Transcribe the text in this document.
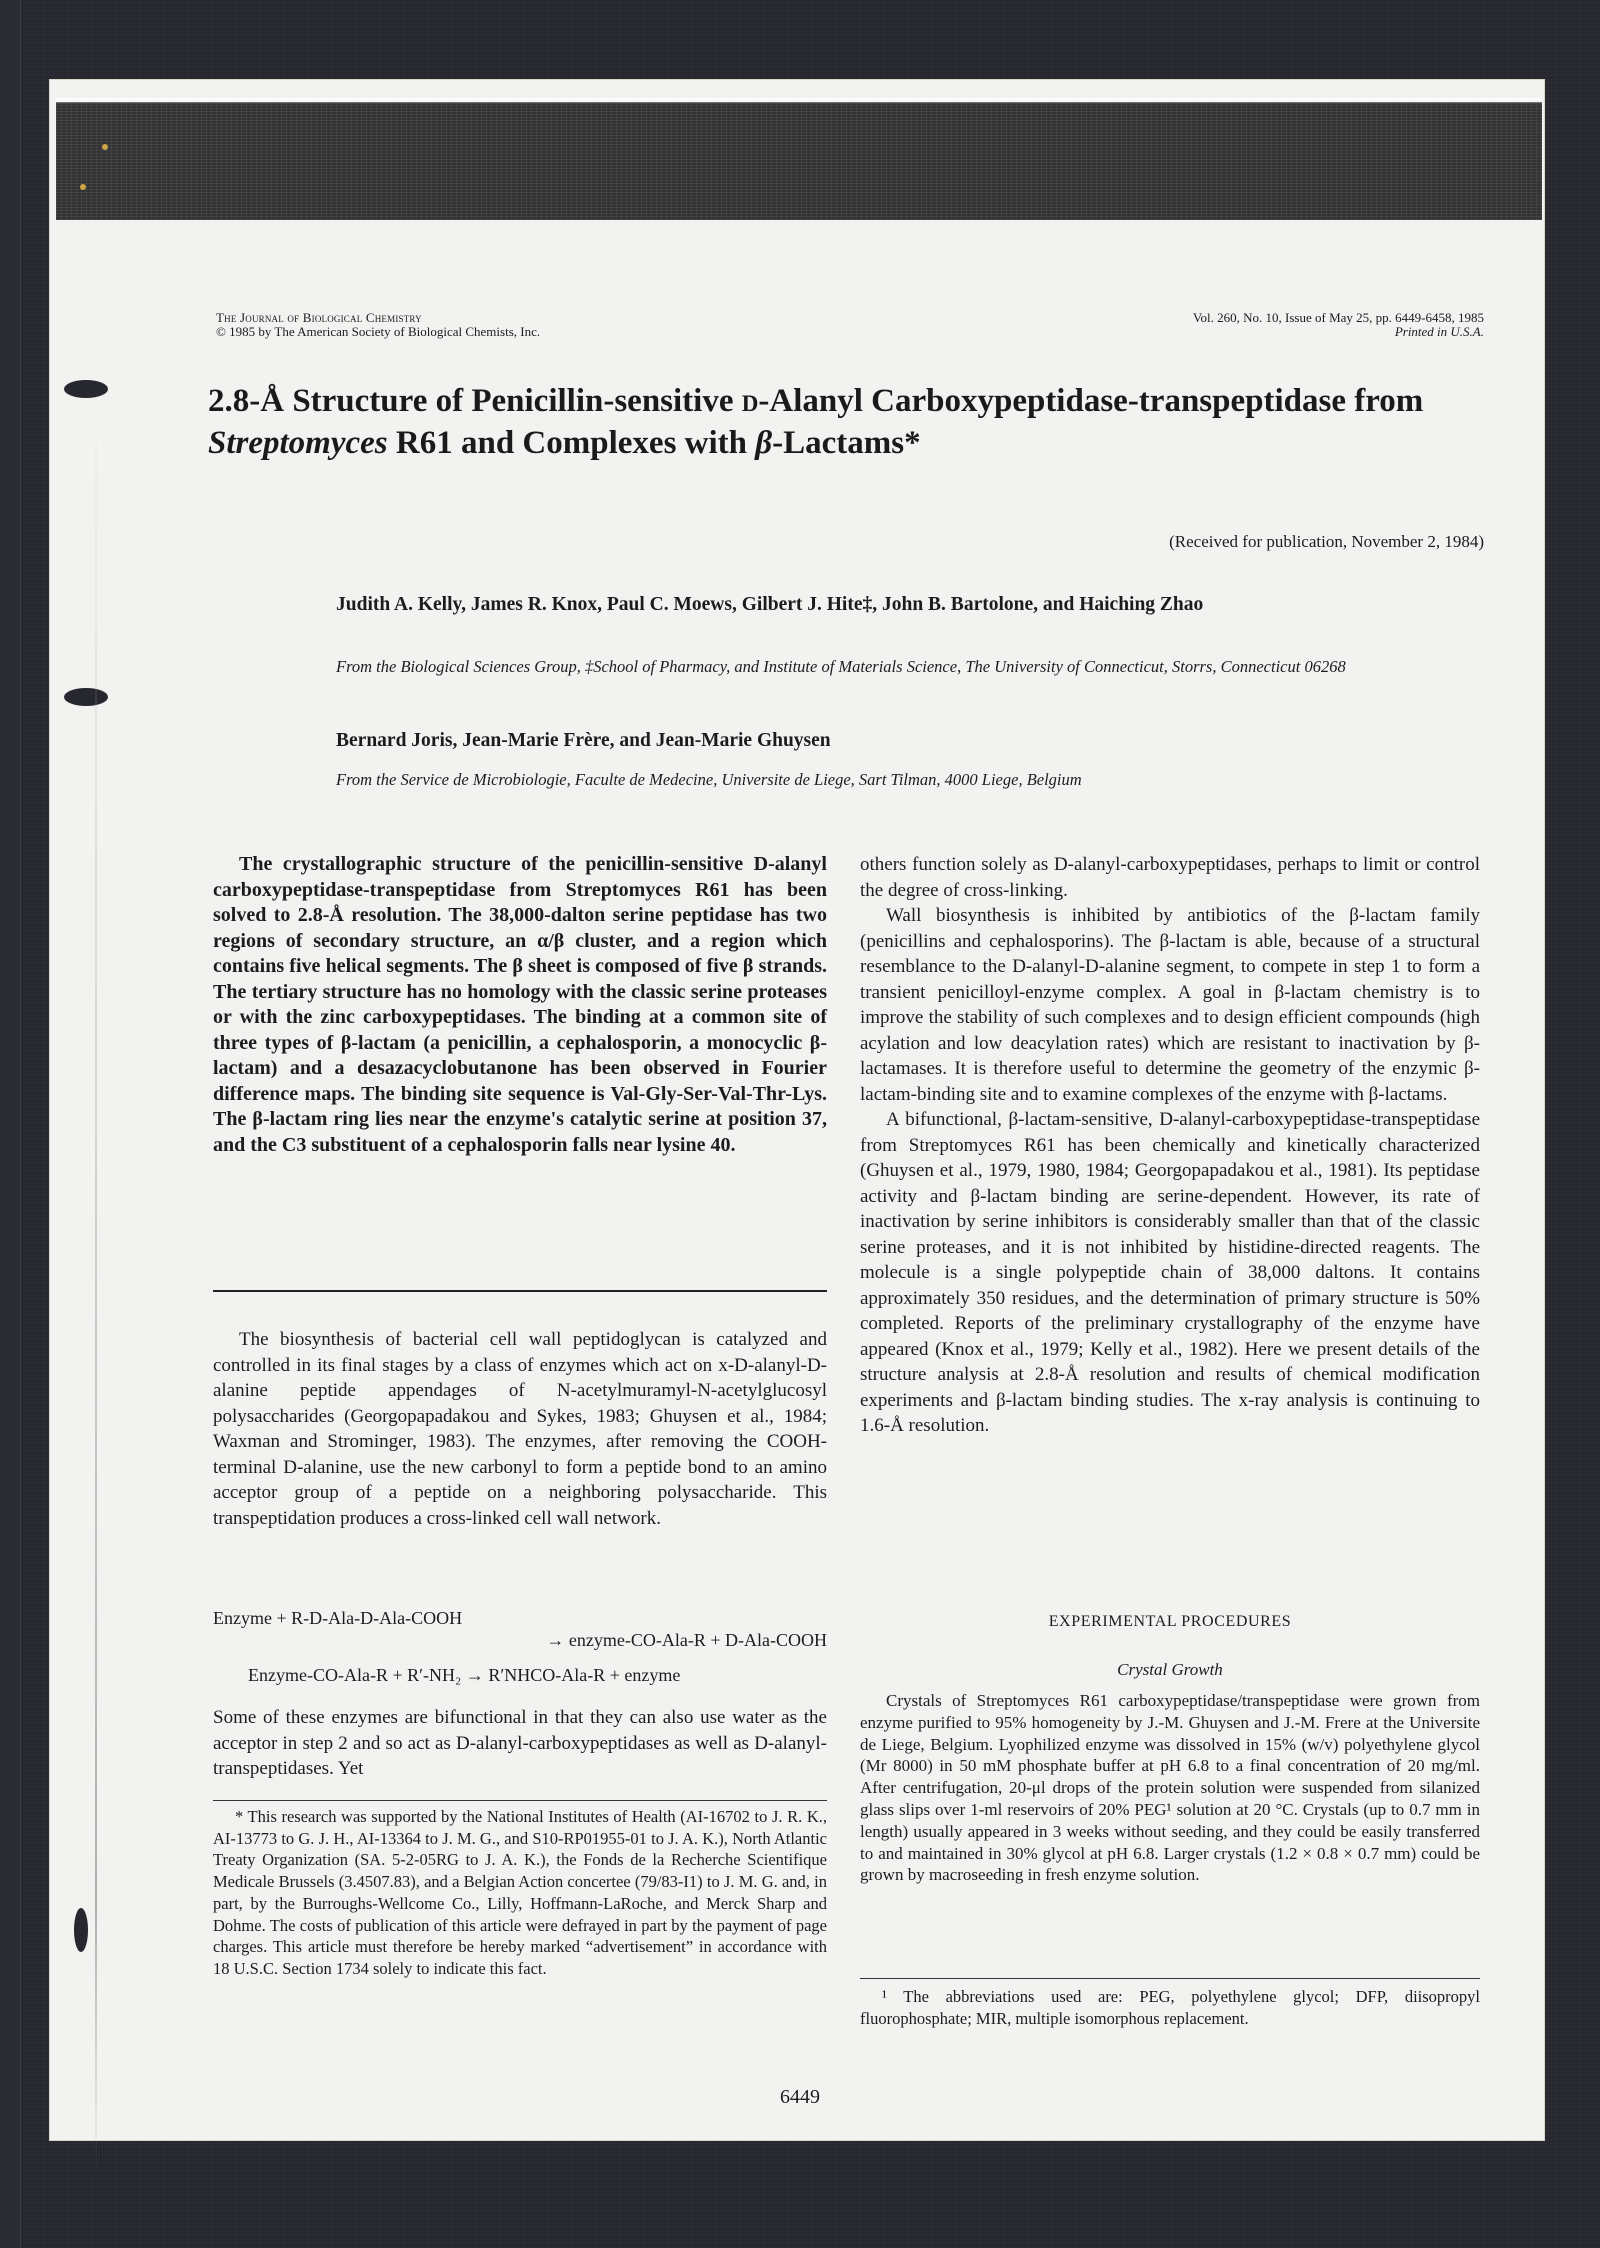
The Journal of Biological Chemistry
© 1985 by The American Society of Biological Chemists, Inc.
Vol. 260, No. 10, Issue of May 25, pp. 6449-6458, 1985
Printed in U.S.A.
2.8-Å Structure of Penicillin-sensitive d-Alanyl Carboxypeptidase-transpeptidase from Streptomyces R61 and Complexes with β-Lactams*
(Received for publication, November 2, 1984)
Judith A. Kelly, James R. Knox, Paul C. Moews, Gilbert J. Hite‡, John B. Bartolone, and Haiching Zhao
From the Biological Sciences Group, ‡School of Pharmacy, and Institute of Materials Science, The University of Connecticut, Storrs, Connecticut 06268
Bernard Joris, Jean-Marie Frère, and Jean-Marie Ghuysen
From the Service de Microbiologie, Faculte de Medecine, Universite de Liege, Sart Tilman, 4000 Liege, Belgium
The crystallographic structure of the penicillin-sensitive D-alanyl carboxypeptidase-transpeptidase from Streptomyces R61 has been solved to 2.8-Å resolution. The 38,000-dalton serine peptidase has two regions of secondary structure, an α/β cluster, and a region which contains five helical segments. The β sheet is composed of five β strands. The tertiary structure has no homology with the classic serine proteases or with the zinc carboxypeptidases. The binding at a common site of three types of β-lactam (a penicillin, a cephalosporin, a monocyclic β-lactam) and a desazacyclobutanone has been observed in Fourier difference maps. The binding site sequence is Val-Gly-Ser-Val-Thr-Lys. The β-lactam ring lies near the enzyme's catalytic serine at position 37, and the C3 substituent of a cephalosporin falls near lysine 40.

The biosynthesis of bacterial cell wall peptidoglycan is catalyzed and controlled in its final stages by a class of enzymes which act on x-D-alanyl-D-alanine peptide appendages of N-acetylmuramyl-N-acetylglucosyl polysaccharides (Georgopapadakou and Sykes, 1983; Ghuysen et al., 1984; Waxman and Strominger, 1983). The enzymes, after removing the COOH-terminal D-alanine, use the new carbonyl to form a peptide bond to an amino acceptor group of a peptide on a neighboring polysaccharide. This transpeptidation produces a cross-linked cell wall network.

Enzyme + R-D-Ala-D-Ala-COOH
→ enzyme-CO-Ala-R + D-Ala-COOH
Enzyme-CO-Ala-R + R′-NH₂ → R′NHCO-Ala-R + enzyme

Some of these enzymes are bifunctional in that they can also use water as the acceptor in step 2 and so act as D-alanyl-carboxypeptidases as well as D-alanyl-transpeptidases. Yet

* This research was supported by the National Institutes of Health (AI-16702 to J. R. K., AI-13773 to G. J. H., AI-13364 to J. M. G., and S10-RP01955-01 to J. A. K.), North Atlantic Treaty Organization (SA. 5-2-05RG to J. A. K.), the Fonds de la Recherche Scientifique Medicale Brussels (3.4507.83), and a Belgian Action concertee (79/83-I1) to J. M. G. and, in part, by the Burroughs-Wellcome Co., Lilly, Hoffmann-LaRoche, and Merck Sharp and Dohme. The costs of publication of this article were defrayed in part by the payment of page charges. This article must therefore be hereby marked “advertisement” in accordance with 18 U.S.C. Section 1734 solely to indicate this fact.

others function solely as D-alanyl-carboxypeptidases, perhaps to limit or control the degree of cross-linking.

Wall biosynthesis is inhibited by antibiotics of the β-lactam family (penicillins and cephalosporins). The β-lactam is able, because of a structural resemblance to the D-alanyl-D-alanine segment, to compete in step 1 to form a transient penicilloyl-enzyme complex. A goal in β-lactam chemistry is to improve the stability of such complexes and to design efficient compounds (high acylation and low deacylation rates) which are resistant to inactivation by β-lactamases. It is therefore useful to determine the geometry of the enzymic β-lactam-binding site and to examine complexes of the enzyme with β-lactams.

A bifunctional, β-lactam-sensitive, D-alanyl-carboxypeptidase-transpeptidase from Streptomyces R61 has been chemically and kinetically characterized (Ghuysen et al., 1979, 1980, 1984; Georgopapadakou et al., 1981). Its peptidase activity and β-lactam binding are serine-dependent. However, its rate of inactivation by serine inhibitors is considerably smaller than that of the classic serine proteases, and it is not inhibited by histidine-directed reagents. The molecule is a single polypeptide chain of 38,000 daltons. It contains approximately 350 residues, and the determination of primary structure is 50% completed. Reports of the preliminary crystallography of the enzyme have appeared (Knox et al., 1979; Kelly et al., 1982). Here we present details of the structure analysis at 2.8-Å resolution and results of chemical modification experiments and β-lactam binding studies. The x-ray analysis is continuing to 1.6-Å resolution.

EXPERIMENTAL PROCEDURES
Crystal Growth

Crystals of Streptomyces R61 carboxypeptidase/transpeptidase were grown from enzyme purified to 95% homogeneity by J.-M. Ghuysen and J.-M. Frere at the Universite de Liege, Belgium. Lyophilized enzyme was dissolved in 15% (w/v) polyethylene glycol (Mr 8000) in 50 mM phosphate buffer at pH 6.8 to a final concentration of 20 mg/ml. After centrifugation, 20-μl drops of the protein solution were suspended from silanized glass slips over 1-ml reservoirs of 20% PEG¹ solution at 20 °C. Crystals (up to 0.7 mm in length) usually appeared in 3 weeks without seeding, and they could be easily transferred to and maintained in 30% glycol at pH 6.8. Larger crystals (1.2 × 0.8 × 0.7 mm) could be grown by macroseeding in fresh enzyme solution.

¹ The abbreviations used are: PEG, polyethylene glycol; DFP, diisopropyl fluorophosphate; MIR, multiple isomorphous replacement.

6449
